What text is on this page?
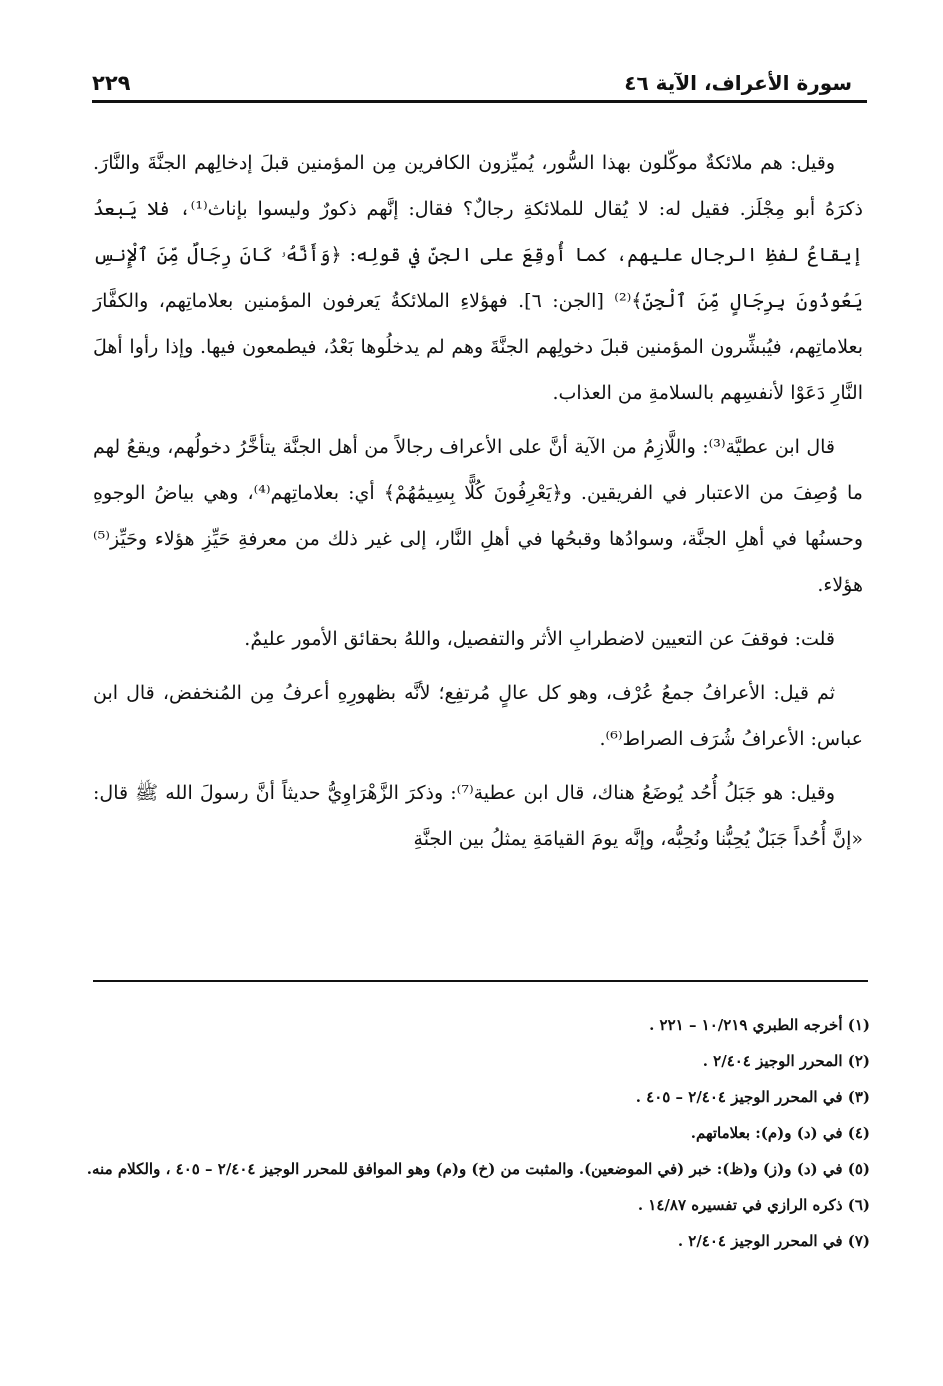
سورة الأعراف، الآية ٤٦
٢٢٩

وقيل: هم ملائكةٌ موكّلون بهذا السُّور، يُميِّزون الكافرين مِن المؤمنين قبلَ إدخالِهم الجنَّةَ والنَّارَ. ذكرَهُ أبو مِجْلَز. فقيل له: لا يُقال للملائكةِ رجالٌ؟ فقال: إنَّهم ذكورٌ وليسوا بإناث⁽¹⁾، فلا يَبعدُ إيقاعُ لفظِ الرجال عليهم، كما أُوقِعَ على الجنِّ في قولِه: ﴿وَأَنَّهُۥ كَانَ رِجَالٌ مِّنَ ٱلْإِنسِ يَعُوذُونَ بِرِجَالٍ مِّنَ ٱلْجِنِّ﴾⁽²⁾ [الجن: ٦]. فهؤلاءِ الملائكةُ يَعرفون المؤمنين بعلاماتِهم، والكفَّارَ بعلاماتِهم، فيُبشِّرون المؤمنين قبلَ دخولِهم الجنَّةَ وهم لم يدخلُوها بَعْدُ، فيطمعون فيها. وإذا رأوا أهلَ النَّارِ دَعَوْا لأنفسِهم بالسلامةِ من العذاب.

قال ابن عطيَّة⁽³⁾: واللَّازِمُ من الآية أنَّ على الأعراف رجالاً من أهل الجنَّة يتأخَّرُ دخولُهم، ويقعُ لهم ما وُصِفَ من الاعتبار في الفريقين. و﴿يَعْرِفُونَ كُلًّا بِسِيمَٰهُمْ﴾ أي: بعلاماتِهم⁽⁴⁾، وهي بياضُ الوجوهِ وحسنُها في أهلِ الجنَّة، وسوادُها وقبحُها في أهلِ النَّار، إلى غير ذلك من معرفةِ حَيِّزِ هؤلاء وحَيِّز⁽⁵⁾ هؤلاء.

قلت: فوقفَ عن التعيين لاضطرابِ الأثر والتفصيل، واللهُ بحقائق الأمور عليمٌ.

ثم قيل: الأعرافُ جمعُ عُرْف، وهو كل عالٍ مُرتفِع؛ لأنَّه بظهورِهِ أعرفُ مِن المُنخفض، قال ابن عباس: الأعرافُ شُرَف الصراط⁽⁶⁾.

وقيل: هو جَبَلُ أُحُد يُوضَعُ هناك، قال ابن عطية⁽⁷⁾: وذكرَ الزَّهْرَاوِيُّ حديثاً أنَّ رسولَ الله ﷺ قال: «إنَّ أُحُداً جَبَلٌ يُحِبُّنا ونُحِبُّه، وإنَّه يومَ القيامَةِ يمثلُ بين الجنَّةِ

(١) أخرجه الطبري ١٠/٢١٩ – ٢٢١ .

(٢) المحرر الوجيز ٢/٤٠٤ .

(٣) في المحرر الوجيز ٢/٤٠٤ – ٤٠٥ .

(٤) في (د) و(م): بعلاماتهم.

(٥) في (د) و(ز) و(ظ): خبر (في الموضعين). والمثبت من (خ) و(م) وهو الموافق للمحرر الوجيز ٢/٤٠٤ – ٤٠٥ ، والكلام منه.

(٦) ذكره الرازي في تفسيره ١٤/٨٧ .

(٧) في المحرر الوجيز ٢/٤٠٤ .
